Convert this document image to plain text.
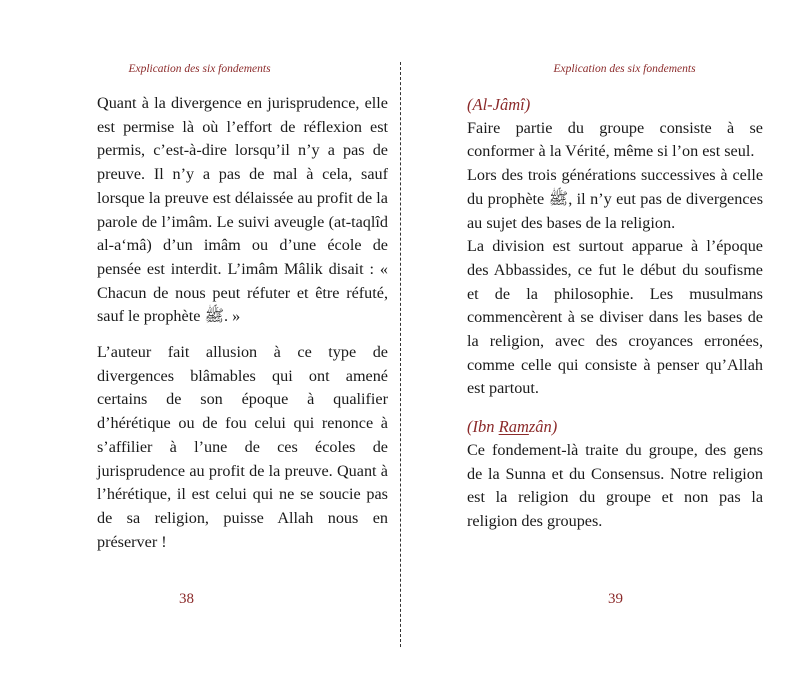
Explication des six fondements

Quant à la divergence en jurisprudence, elle est permise là où l’effort de réflexion est permis, c’est-à-dire lorsqu’il n’y a pas de preuve. Il n’y a pas de mal à cela, sauf lorsque la preuve est délaissée au profit de la parole de l’imâm. Le suivi aveugle (at-taqlîd al-a‘mâ) d’un imâm ou d’une école de pensée est interdit. L’imâm Mâlik disait : « Chacun de nous peut réfuter et être réfuté, sauf le prophète ﷺ. »

L’auteur fait allusion à ce type de divergences blâmables qui ont amené certains de son époque à qualifier d’hérétique ou de fou celui qui renonce à s’affilier à l’une de ces écoles de jurisprudence au profit de la preuve. Quant à l’hérétique, il est celui qui ne se soucie pas de sa religion, puisse Allah nous en préserver !

38
Explication des six fondements

(Al-Jâmî)

Faire partie du groupe consiste à se conformer à la Vérité, même si l’on est seul.

Lors des trois générations successives à celle du prophète ﷺ, il n’y eut pas de divergences au sujet des bases de la religion.

La division est surtout apparue à l’époque des Abbassides, ce fut le début du soufisme et de la philosophie. Les musulmans commencèrent à se diviser dans les bases de la religion, avec des croyances erronées, comme celle qui consiste à penser qu’Allah est partout.

(Ibn Ramzân)

Ce fondement-là traite du groupe, des gens de la Sunna et du Consensus. Notre religion est la religion du groupe et non pas la religion des groupes.

39
